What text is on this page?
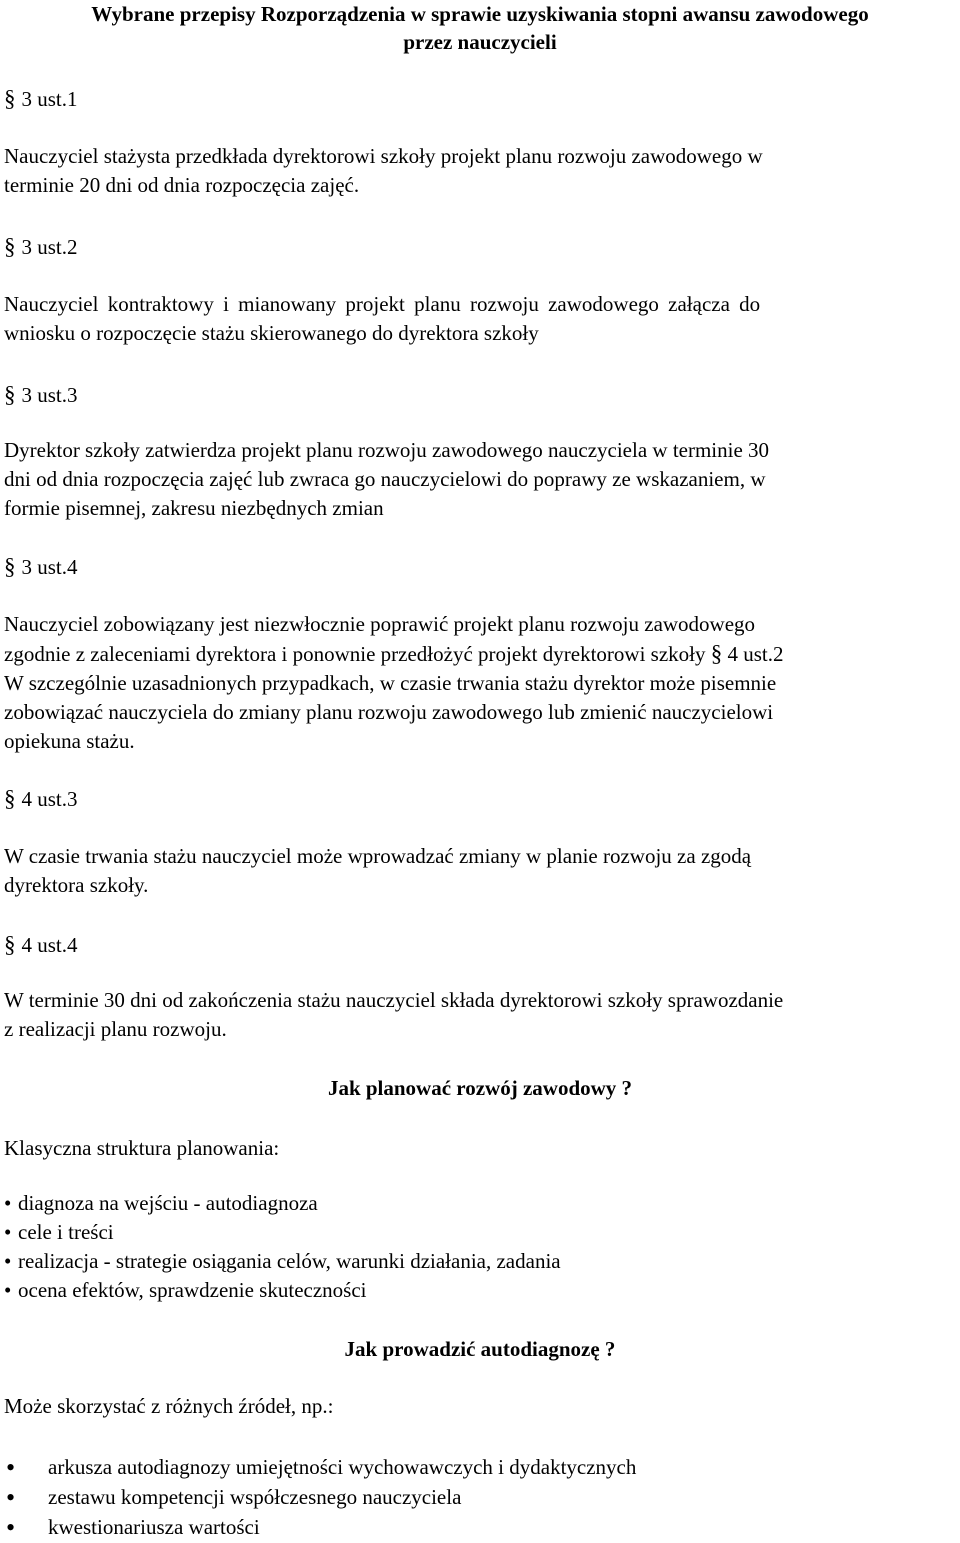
Wybrane przepisy Rozporządzenia w sprawie uzyskiwania stopni awansu zawodowego
przez nauczycieli
§ 3 ust.1
Nauczyciel stażysta przedkłada dyrektorowi szkoły projekt planu rozwoju zawodowego w
terminie 20 dni od dnia rozpoczęcia zajęć.
§ 3 ust.2
Nauczyciel kontraktowy i mianowany projekt planu rozwoju zawodowego załącza do
wniosku o rozpoczęcie stażu skierowanego do dyrektora szkoły
§ 3 ust.3
Dyrektor szkoły zatwierdza projekt planu rozwoju zawodowego nauczyciela w terminie 30
dni od dnia rozpoczęcia zajęć lub zwraca go nauczycielowi do poprawy ze wskazaniem, w
formie pisemnej, zakresu niezbędnych zmian
§ 3 ust.4
Nauczyciel zobowiązany jest niezwłocznie poprawić projekt planu rozwoju zawodowego
zgodnie z zaleceniami dyrektora i ponownie przedłożyć projekt dyrektorowi szkoły § 4 ust.2
W szczególnie uzasadnionych przypadkach, w czasie trwania stażu dyrektor może pisemnie
zobowiązać nauczyciela do zmiany planu rozwoju zawodowego lub zmienić nauczycielowi
opiekuna stażu.
§ 4 ust.3
W czasie trwania stażu nauczyciel może wprowadzać zmiany w planie rozwoju za zgodą
dyrektora szkoły.
§ 4 ust.4
W terminie 30 dni od zakończenia stażu nauczyciel składa dyrektorowi szkoły sprawozdanie
z realizacji planu rozwoju.
Jak planować rozwój zawodowy ?
Klasyczna struktura planowania:
• diagnoza na wejściu - autodiagnoza
• cele i treści
• realizacja - strategie osiągania celów, warunki działania, zadania
• ocena efektów, sprawdzenie skuteczności
Jak prowadzić autodiagnozę ?
Może skorzystać z różnych źródeł, np.:
• arkusza autodiagnozy umiejętności wychowawczych i dydaktycznych
• zestawu kompetencji współczesnego nauczyciela
• kwestionariusza wartości
